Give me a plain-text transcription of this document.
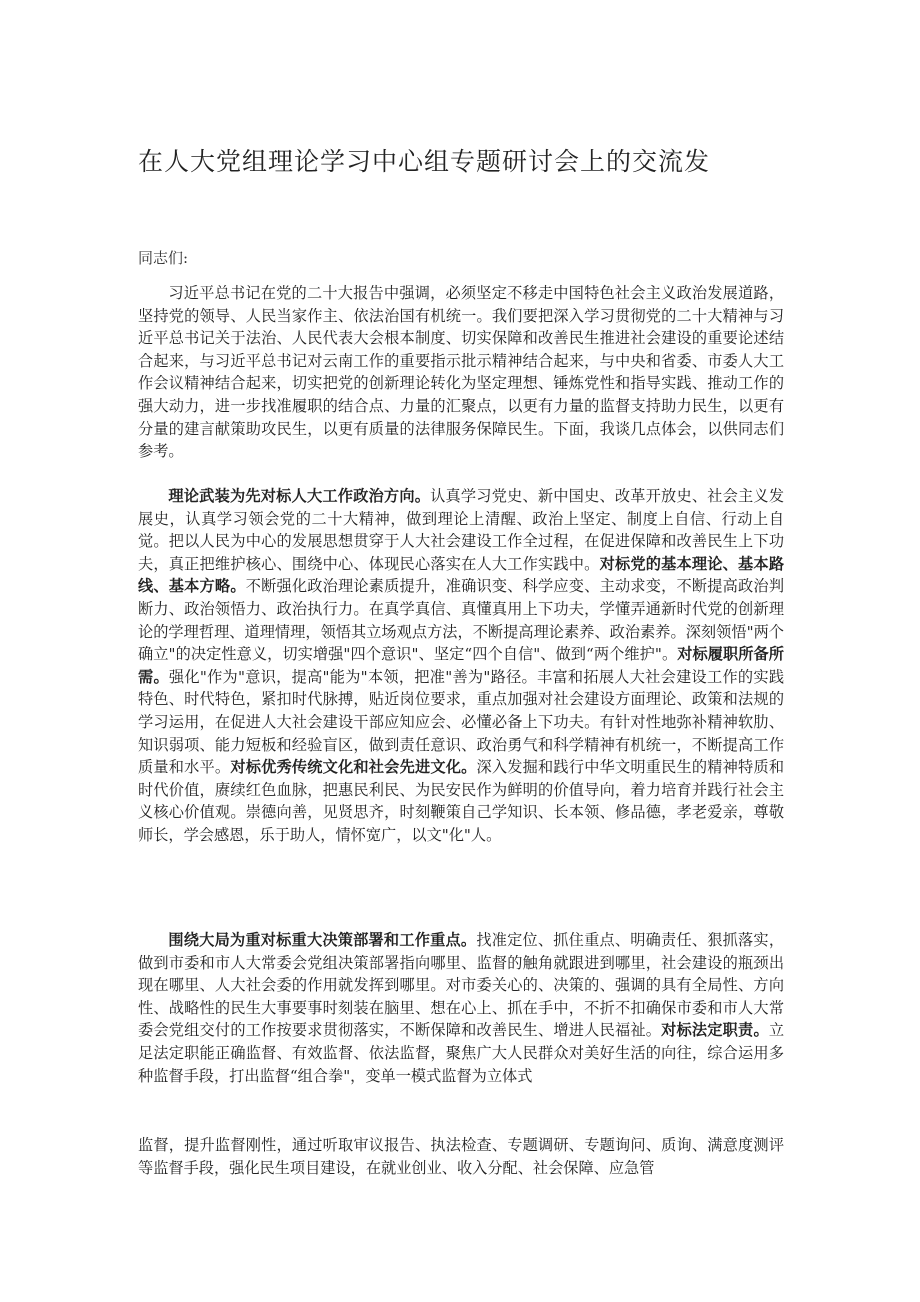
在人大党组理论学习中心组专题研讨会上的交流发
同志们:

习近平总书记在党的二十大报告中强调，必须坚定不移走中国特色社会主义政治发展道路，坚持党的领导、人民当家作主、依法治国有机统一。我们要把深入学习贯彻党的二十大精神与习近平总书记关于法治、人民代表大会根本制度、切实保障和改善民生推进社会建设的重要论述结合起来，与习近平总书记对云南工作的重要指示批示精神结合起来，与中央和省委、市委人大工作会议精神结合起来，切实把党的创新理论转化为坚定理想、锤炼党性和指导实践、推动工作的强大动力，进一步找准履职的结合点、力量的汇聚点，以更有力量的监督支持助力民生，以更有分量的建言献策助攻民生，以更有质量的法律服务保障民生。下面，我谈几点体会，以供同志们参考。

理论武装为先对标人大工作政治方向。认真学习党史、新中国史、改革开放史、社会主义发展史，认真学习领会党的二十大精神，做到理论上清醒、政治上坚定、制度上自信、行动上自觉。把以人民为中心的发展思想贯穿于人大社会建设工作全过程，在促进保障和改善民生上下功夫，真正把维护核心、围绕中心、体现民心落实在人大工作实践中。对标党的基本理论、基本路线、基本方略。不断强化政治理论素质提升，准确识变、科学应变、主动求变，不断提高政治判断力、政治领悟力、政治执行力。在真学真信、真懂真用上下功夫，学懂弄通新时代党的创新理论的学理哲理、道理情理，领悟其立场观点方法，不断提高理论素养、政治素养。深刻领悟"两个确立"的决定性意义，切实增强"四个意识"、坚定“四个自信"、做到“两个维护"。对标履职所备所需。强化"作为"意识，提高"能为"本领，把准"善为"路径。丰富和拓展人大社会建设工作的实践特色、时代特色，紧扣时代脉搏，贴近岗位要求，重点加强对社会建设方面理论、政策和法规的学习运用，在促进人大社会建设干部应知应会、必懂必备上下功夫。有针对性地弥补精神软肋、知识弱项、能力短板和经验盲区，做到责任意识、政治勇气和科学精神有机统一，不断提高工作质量和水平。对标优秀传统文化和社会先进文化。深入发掘和践行中华文明重民生的精神特质和时代价值，赓续红色血脉，把惠民利民、为民安民作为鲜明的价值导向，着力培育并践行社会主义核心价值观。崇德向善，见贤思齐，时刻鞭策自己学知识、长本领、修品德，孝老爱亲，尊敬师长，学会感恩，乐于助人，情怀宽广，以文"化"人。

围绕大局为重对标重大决策部署和工作重点。找准定位、抓住重点、明确责任、狠抓落实，做到市委和市人大常委会党组决策部署指向哪里、监督的触角就跟进到哪里，社会建设的瓶颈出现在哪里、人大社会委的作用就发挥到哪里。对市委关心的、决策的、强调的具有全局性、方向性、战略性的民生大事要事时刻装在脑里、想在心上、抓在手中，不折不扣确保市委和市人大常委会党组交付的工作按要求贯彻落实，不断保障和改善民生、增进人民福祉。对标法定职责。立足法定职能正确监督、有效监督、依法监督，聚焦广大人民群众对美好生活的向往，综合运用多种监督手段，打出监督“组合拳"，变单一模式监督为立体式

监督，提升监督刚性，通过听取审议报告、执法检查、专题调研、专题询问、质询、满意度测评等监督手段，强化民生项目建设，在就业创业、收入分配、社会保障、应急管
